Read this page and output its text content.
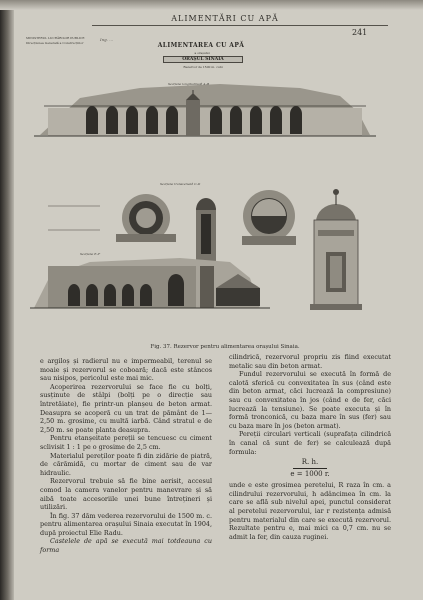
ALIMENTĂRI CU APĂ
241
MINISTERUL LUCRĂRILOR PUBLICE
Direcțiunea Generală a Construcțiilor
Ing. ...
ALIMENTAREA CU APĂ
a orașului
ORAȘUL SINAIA
Rezervor de 1500 m. cubi
Secțiune longitudinală A–B
Secțiune transversală C–D
Secțiune E–F
Fig. 37. Rezervor pentru alimentarea orașului Sinaia.

e argiloș și radierul nu e impermeabil, terenul se moaie și rezervorul se coboară; dacă este stâncos sau nisipos, pericolul este mai mic.

Acoperirea rezervorului se face fie cu bolți, susținute de stâlpi (bolți pe o direcție sau întretăiate), fie printr-un planșeu de beton armat. Deasupra se acoperă cu un trat de pământ de 1—2,50 m. grosime, cu multă iarbă. Când stratul e de 2,50 m. se poate planta deasupra.

Pentru etanșeitate pereții se tencuesc cu ciment sclivisit 1 : 1 pe o grosime de 2,5 cm.

Materialul pereților poate fi din zidărie de piatră, de cărămidă, cu mortar de ciment sau de var hidraulic.

Rezervorul trebuie să fie bine aerisit, accesul comod la camera vanelor pentru manevrare și să aibă toate accesoriile unei bune întrețineri și utilizări.

În fig. 37 dăm vederea rezervorului de 1500 m. c. pentru alimentarea orașului Sinaia executat în 1904, după proiectul Elie Radu.

Castelele de apă se execută mai totdeauna cu forma

cilindrică, rezervorul propriu zis fiind executat metalic sau din beton armat.

Fundul rezervorului se execută în formă de calotă sferică cu convexitatea în sus (când este din beton armat, căci lucrează la compresiune) sau cu convexitatea în jos (când e de fer, căci lucrează la tensiune). Se poate executa și în formă tronconică, cu baza mare în sus (fer) sau cu baza mare în jos (beton armat).

Pereții circulari verticali (suprafața cilindrică în canal că sunt de fer) se calculează după formula:

R. h.
e = 1000 r.

unde e este grosimea peretelui, R raza în cm. a cilindrului rezervorului, h adâncimea în cm. la care se află sub nivelul apei, punctul considerat al peretelui rezervorului, iar r rezistența admisă pentru materialul din care se execută rezervorul. Rezultate pentru e, mai mici ca 0,7 cm. nu se admit la fer, din cauza ruginei.
